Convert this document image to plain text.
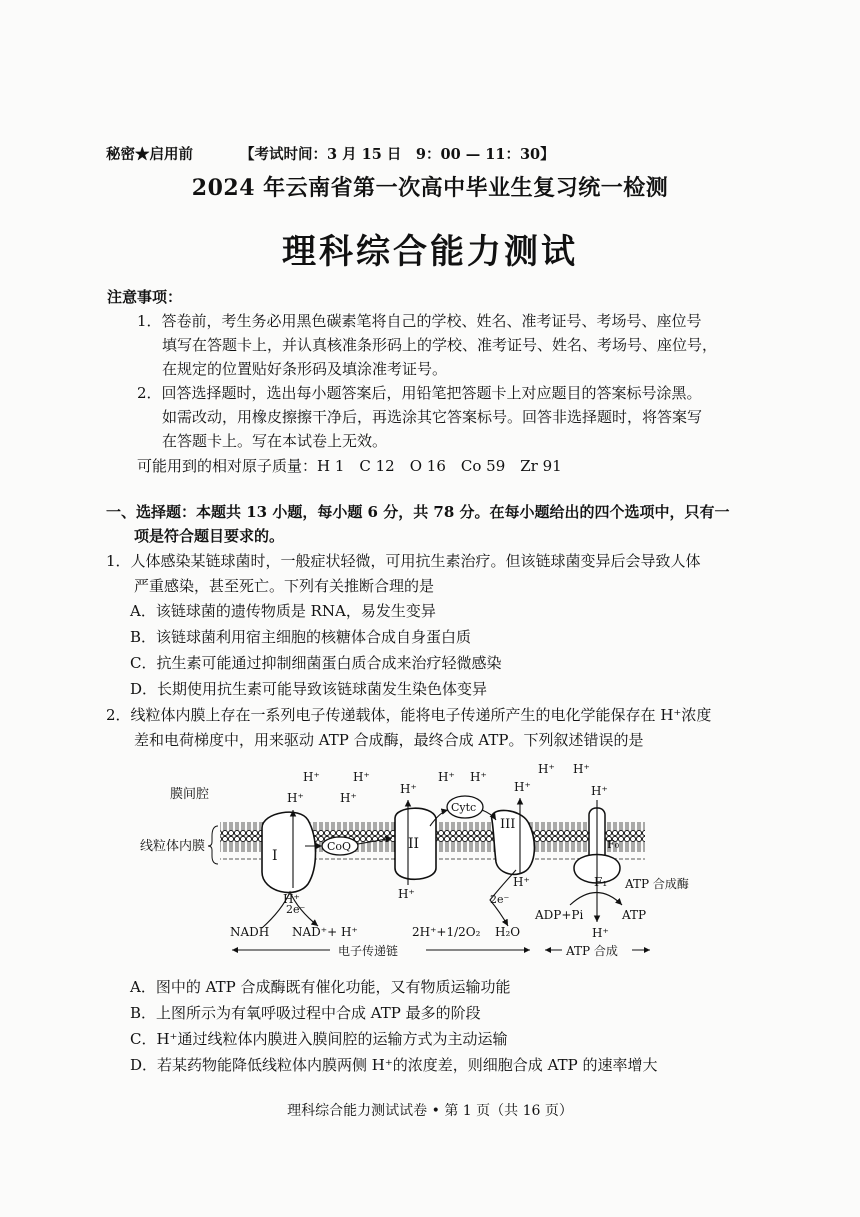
秘密★启用前	【考试时间：3 月 15 日　9：00 — 11：30】
2024 年云南省第一次高中毕业生复习统一检测
理科综合能力测试
注意事项：
1．答卷前，考生务必用黑色碳素笔将自己的学校、姓名、准考证号、考场号、座位号
填写在答题卡上，并认真核准条形码上的学校、准考证号、姓名、考场号、座位号，
在规定的位置贴好条形码及填涂准考证号。
2．回答选择题时，选出每小题答案后，用铅笔把答题卡上对应题目的答案标号涂黑。
如需改动，用橡皮擦擦干净后，再选涂其它答案标号。回答非选择题时，将答案写
在答题卡上。写在本试卷上无效。
可能用到的相对原子质量：H 1　C 12　O 16　Co 59　Zr 91
一、选择题：本题共 13 小题，每小题 6 分，共 78 分。在每小题给出的四个选项中，只有一
项是符合题目要求的。
1．人体感染某链球菌时，一般症状轻微，可用抗生素治疗。但该链球菌变异后会导致人体
严重感染，甚至死亡。下列有关推断合理的是
A．该链球菌的遗传物质是 RNA，易发生变异
B．该链球菌利用宿主细胞的核糖体合成自身蛋白质
C．抗生素可能通过抑制细菌蛋白质合成来治疗轻微感染
D．长期使用抗生素可能导致该链球菌发生染色体变异
2．线粒体内膜上存在一系列电子传递载体，能将电子传递所产生的电化学能保存在 H⁺浓度
差和电荷梯度中，用来驱动 ATP 合成酶，最终合成 ATP。下列叙述错误的是
I
CoQ	II
Cytc
III
F₀
F₁ ATP 合成酶
膜间腔
线粒体内膜
H⁺	H⁺
H⁺	H⁺
H⁺ H⁺
H⁺	H⁺
H⁺ H⁺
H⁺
H⁺	H⁺
H⁺
H⁺
2e⁻
NADH NAD⁺+ H⁺
2e⁻
2H⁺+1/2O₂ H₂O
ADP+Pi	ATP
电子传递链	ATP 合成
A．图中的 ATP 合成酶既有催化功能，又有物质运输功能
B．上图所示为有氧呼吸过程中合成 ATP 最多的阶段
C．H⁺通过线粒体内膜进入膜间腔的运输方式为主动运输
D．若某药物能降低线粒体内膜两侧 H⁺的浓度差，则细胞合成 ATP 的速率增大
理科综合能力测试试卷 • 第 1 页（共 16 页）
